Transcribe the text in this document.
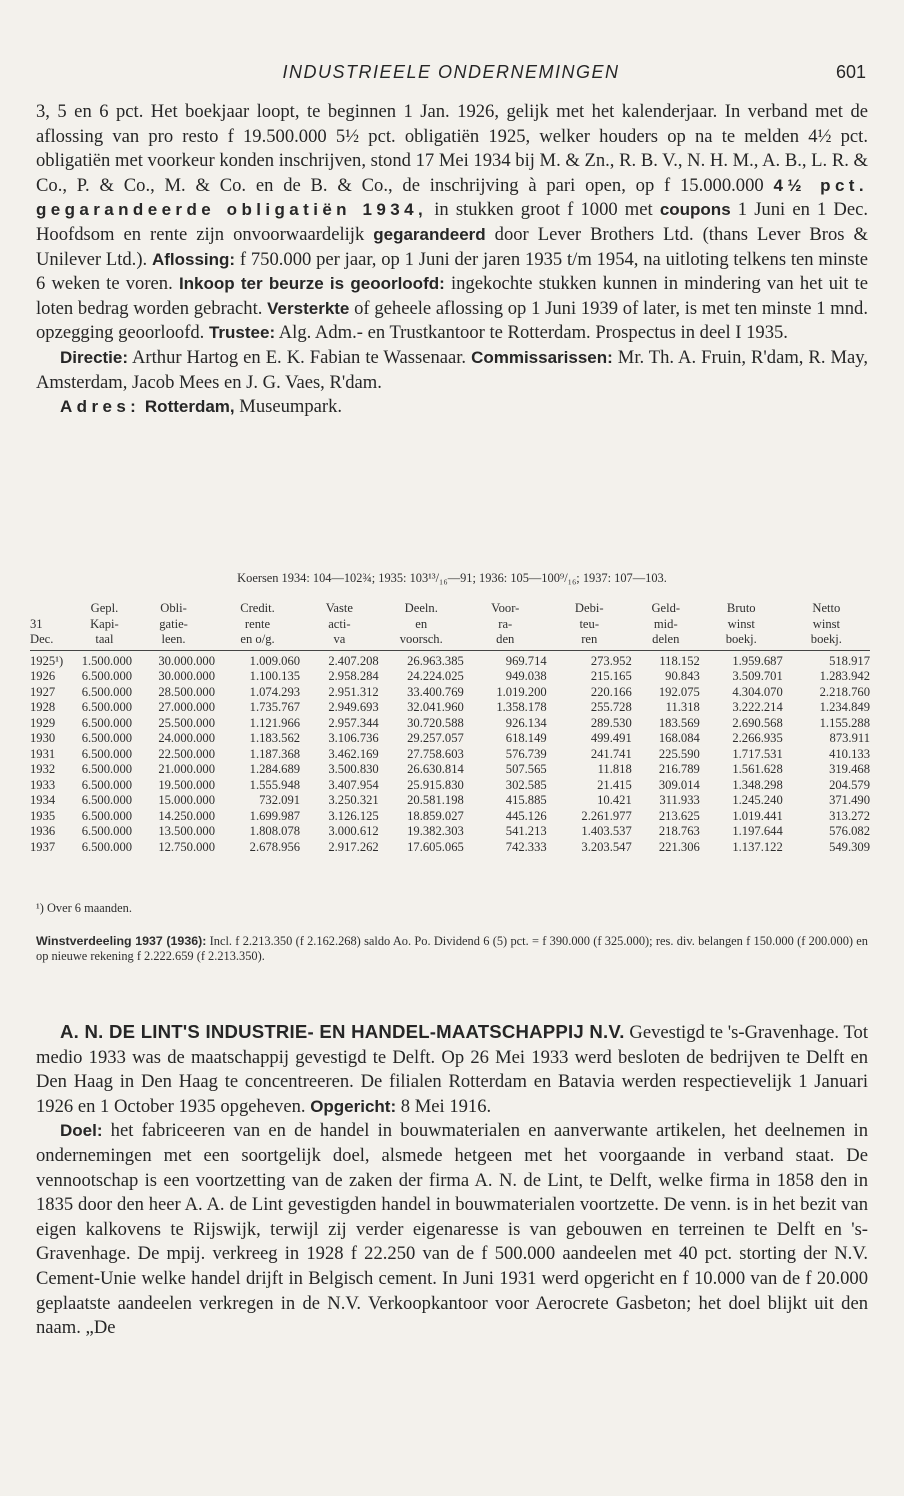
INDUSTRIEELE ONDERNEMINGEN	601

3, 5 en 6 pct. Het boekjaar loopt, te beginnen 1 Jan. 1926, gelijk met het kalenderjaar. In verband met de aflossing van pro resto f 19.500.000 5½ pct. obligatiën 1925, welker houders op na te melden 4½ pct. obligatiën met voorkeur konden inschrijven, stond 17 Mei 1934 bij M. & Zn., R. B. V., N. H. M., A. B., L. R. & Co., P. & Co., M. & Co. en de B. & Co., de inschrijving à pari open, op f 15.000.000 4½ pct. gegarandeerde obligatiën 1934, in stukken groot f 1000 met coupons 1 Juni en 1 Dec. Hoofdsom en rente zijn onvoorwaardelijk gegarandeerd door Lever Brothers Ltd. (thans Lever Bros & Unilever Ltd.). Aflossing: f 750.000 per jaar, op 1 Juni der jaren 1935 t/m 1954, na uitloting telkens ten minste 6 weken te voren. Inkoop ter beurze is geoorloofd: ingekochte stukken kunnen in mindering van het uit te loten bedrag worden gebracht. Versterkte of geheele aflossing op 1 Juni 1939 of later, is met ten minste 1 mnd. opzegging geoorloofd. Trustee: Alg. Adm.- en Trustkantoor te Rotterdam. Prospectus in deel I 1935.

Directie: Arthur Hartog en E. K. Fabian te Wassenaar. Commissarissen: Mr. Th. A. Fruin, R'dam, R. May, Amsterdam, Jacob Mees en J. G. Vaes, R'dam.

Adres: Rotterdam, Museumpark.

Koersen 1934: 104—102¾; 1935: 103¹³/₁₆—91; 1936: 105—100⁹/₁₆; 1937: 107—103.
	Gepl.	Obli-	Credit.	Vaste	Deeln.	Voor-	Debi-	Geld-	Bruto	Netto
31	Kapi-	gatie-	rente	acti-	en	ra-	teu-	mid-	winst	winst
Dec.	taal	leen.	en o/g.	va	voorsch.	den	ren	delen	boekj.	boekj.
1925¹)	1.500.000	30.000.000	1.009.060	2.407.208	26.963.385	969.714	273.952	118.152	1.959.687	518.917
1926	6.500.000	30.000.000	1.100.135	2.958.284	24.224.025	949.038	215.165	90.843	3.509.701	1.283.942
1927	6.500.000	28.500.000	1.074.293	2.951.312	33.400.769	1.019.200	220.166	192.075	4.304.070	2.218.760
1928	6.500.000	27.000.000	1.735.767	2.949.693	32.041.960	1.358.178	255.728	11.318	3.222.214	1.234.849
1929	6.500.000	25.500.000	1.121.966	2.957.344	30.720.588	926.134	289.530	183.569	2.690.568	1.155.288
1930	6.500.000	24.000.000	1.183.562	3.106.736	29.257.057	618.149	499.491	168.084	2.266.935	873.911
1931	6.500.000	22.500.000	1.187.368	3.462.169	27.758.603	576.739	241.741	225.590	1.717.531	410.133
1932	6.500.000	21.000.000	1.284.689	3.500.830	26.630.814	507.565	11.818	216.789	1.561.628	319.468
1933	6.500.000	19.500.000	1.555.948	3.407.954	25.915.830	302.585	21.415	309.014	1.348.298	204.579
1934	6.500.000	15.000.000	732.091	3.250.321	20.581.198	415.885	10.421	311.933	1.245.240	371.490
1935	6.500.000	14.250.000	1.699.987	3.126.125	18.859.027	445.126	2.261.977	213.625	1.019.441	313.272
1936	6.500.000	13.500.000	1.808.078	3.000.612	19.382.303	541.213	1.403.537	218.763	1.197.644	576.082
1937	6.500.000	12.750.000	2.678.956	2.917.262	17.605.065	742.333	3.203.547	221.306	1.137.122	549.309
¹) Over 6 maanden.
Winstverdeeling 1937 (1936): Incl. f 2.213.350 (f 2.162.268) saldo Ao. Po. Dividend 6 (5) pct. = f 390.000 (f 325.000); res. div. belangen f 150.000 (f 200.000) en op nieuwe rekening f 2.222.659 (f 2.213.350).

A. N. DE LINT'S INDUSTRIE- EN HANDEL-MAATSCHAPPIJ N.V. Gevestigd te 's-Gravenhage. Tot medio 1933 was de maatschappij gevestigd te Delft. Op 26 Mei 1933 werd besloten de bedrijven te Delft en Den Haag in Den Haag te concentreeren. De filialen Rotterdam en Batavia werden respectievelijk 1 Januari 1926 en 1 October 1935 opgeheven. Opgericht: 8 Mei 1916.

Doel: het fabriceeren van en de handel in bouwmaterialen en aanverwante artikelen, het deelnemen in ondernemingen met een soortgelijk doel, alsmede hetgeen met het voorgaande in verband staat. De vennootschap is een voortzetting van de zaken der firma A. N. de Lint, te Delft, welke firma in 1858 den in 1835 door den heer A. A. de Lint gevestigden handel in bouwmaterialen voortzette. De venn. is in het bezit van eigen kalkovens te Rijswijk, terwijl zij verder eigenaresse is van gebouwen en terreinen te Delft en 's-Gravenhage. De mpij. verkreeg in 1928 f 22.250 van de f 500.000 aandeelen met 40 pct. storting der N.V. Cement-Unie welke handel drijft in Belgisch cement. In Juni 1931 werd opgericht en f 10.000 van de f 20.000 geplaatste aandeelen verkregen in de N.V. Verkoopkantoor voor Aerocrete Gasbeton; het doel blijkt uit den naam. „De
